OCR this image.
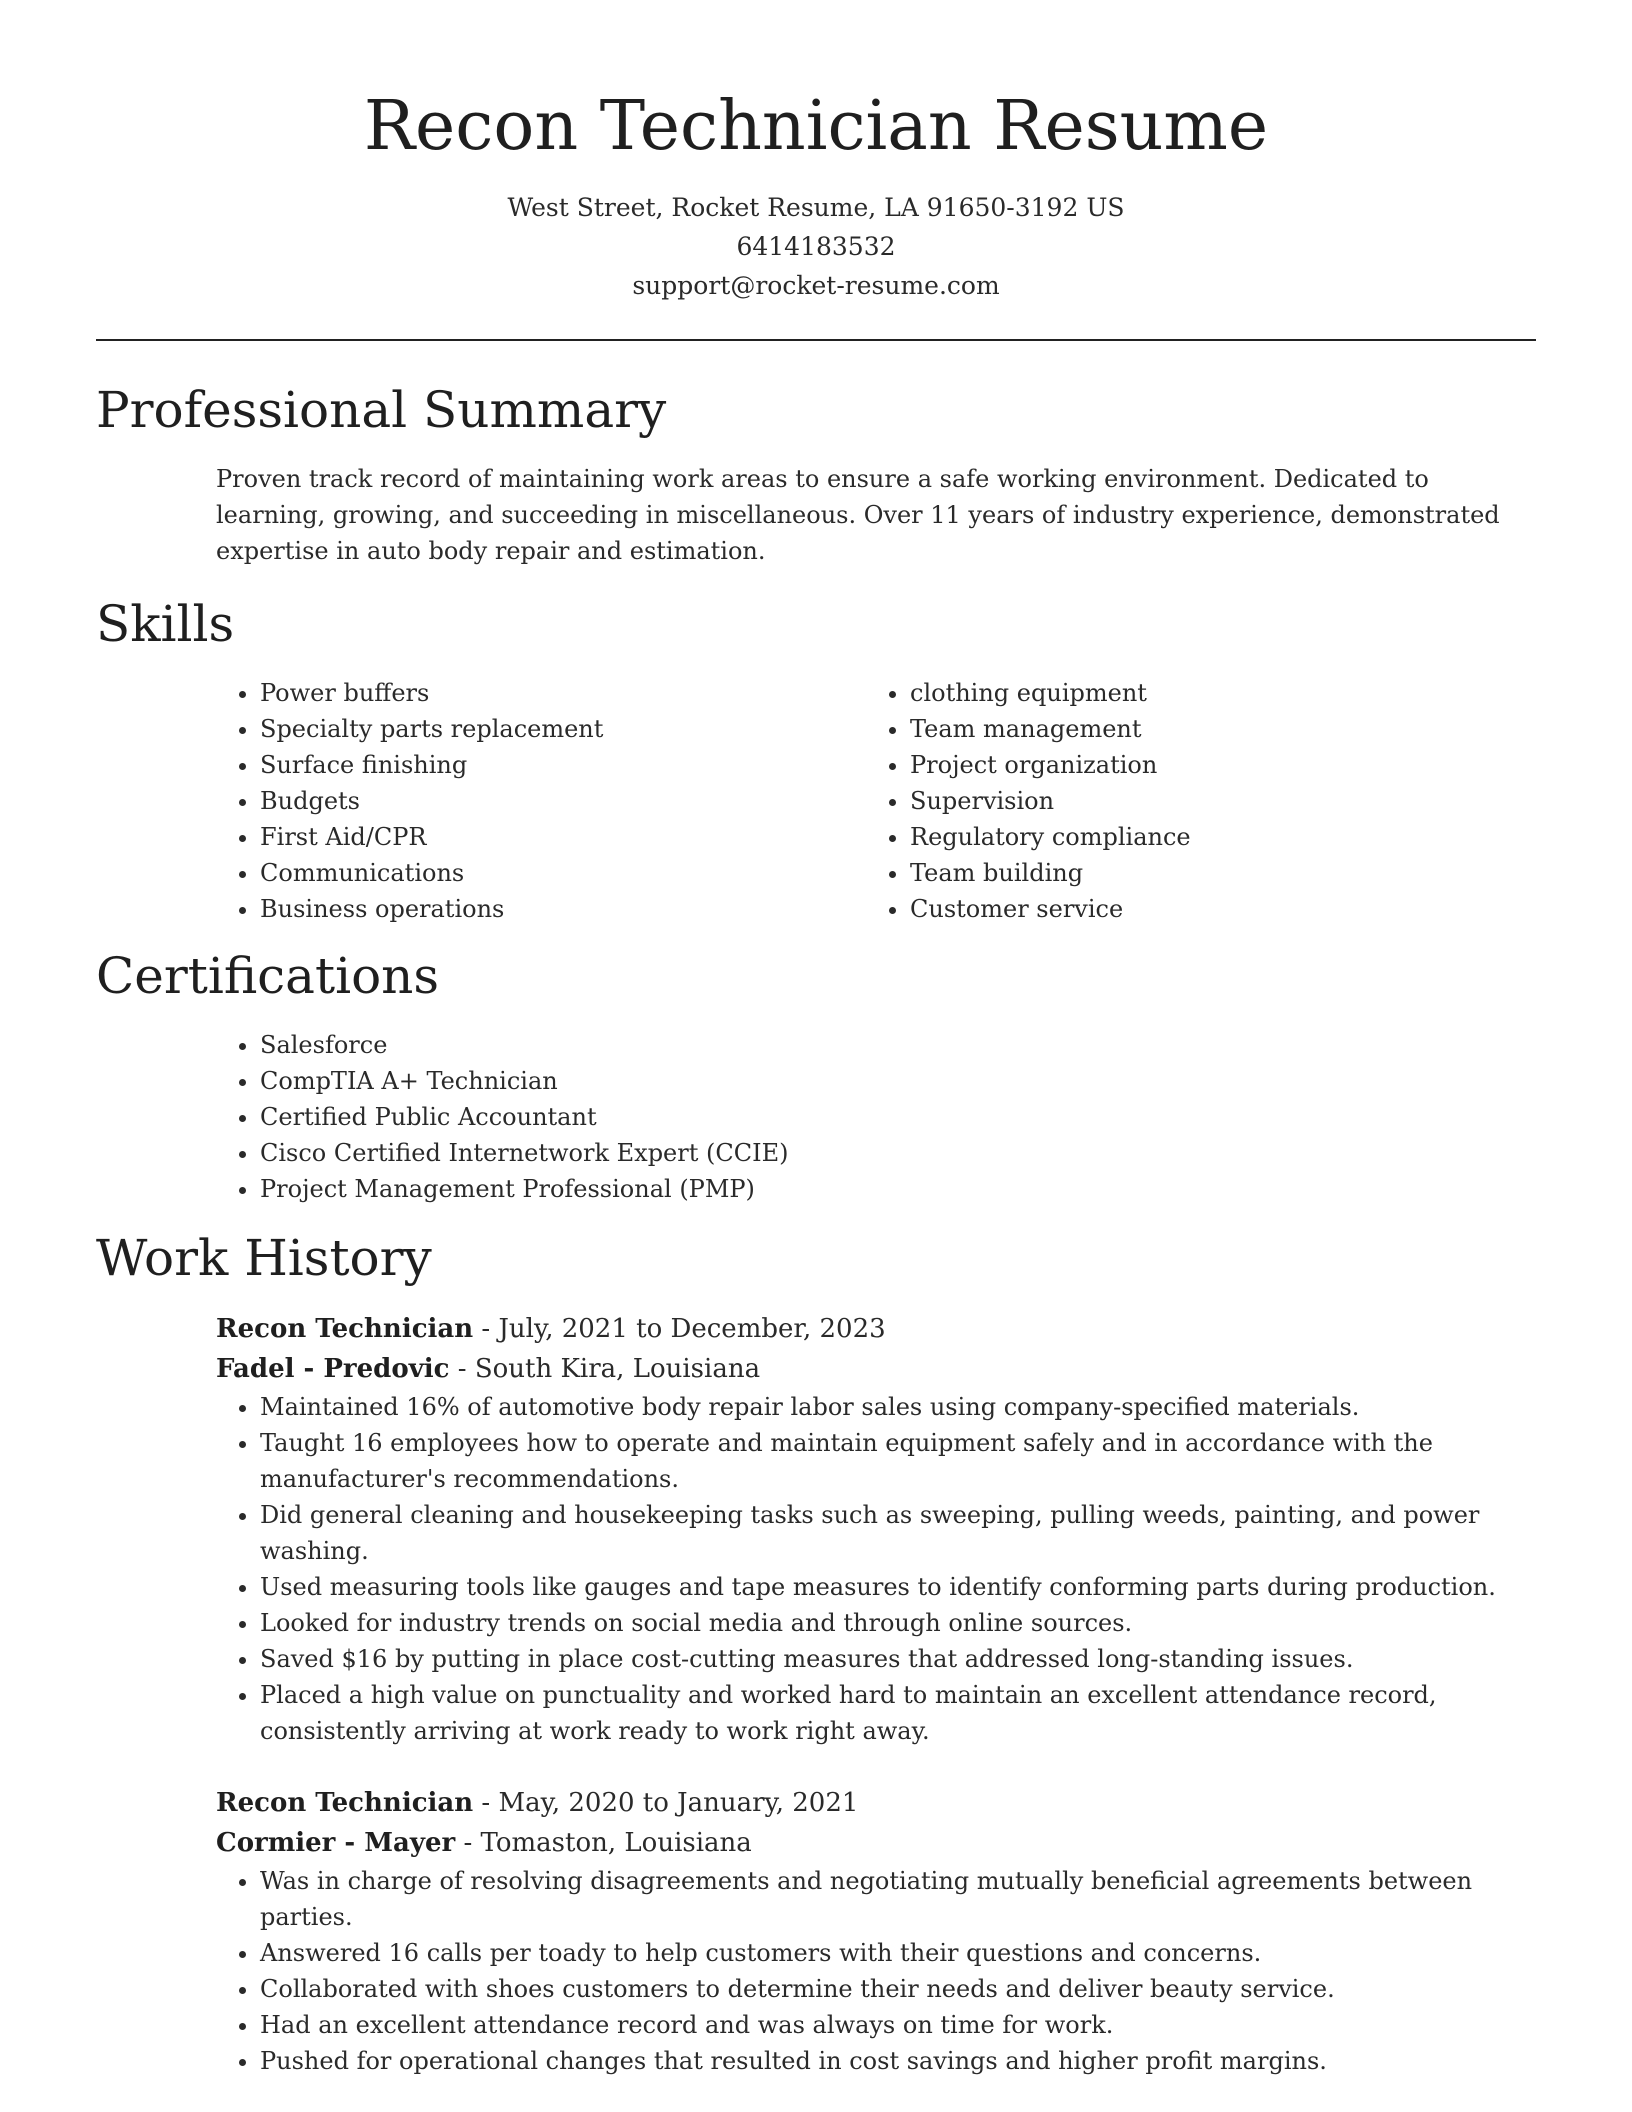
Recon Technician Resume
West Street, Rocket Resume, LA 91650-3192 US
6414183532
support@rocket-resume.com
Professional Summary

Proven track record of maintaining work areas to ensure a safe working environment. Dedicated to learning, growing, and succeeding in miscellaneous. Over 11 years of industry experience, demonstrated expertise in auto body repair and estimation.

Skills
• Power buffers
• Specialty parts replacement
• Surface finishing
• Budgets
• First Aid/CPR
• Communications
• Business operations
• clothing equipment
• Team management
• Project organization
• Supervision
• Regulatory compliance
• Team building
• Customer service
Certifications
• Salesforce
• CompTIA A+ Technician
• Certified Public Accountant
• Cisco Certified Internetwork Expert (CCIE)
• Project Management Professional (PMP)
Work History
Recon Technician - July, 2021 to December, 2023
Fadel - Predovic - South Kira, Louisiana
• Maintained 16% of automotive body repair labor sales using company-specified materials.
• Taught 16 employees how to operate and maintain equipment safely and in accordance with the manufacturer's recommendations.
• Did general cleaning and housekeeping tasks such as sweeping, pulling weeds, painting, and power washing.
• Used measuring tools like gauges and tape measures to identify conforming parts during production.
• Looked for industry trends on social media and through online sources.
• Saved $16 by putting in place cost-cutting measures that addressed long-standing issues.
• Placed a high value on punctuality and worked hard to maintain an excellent attendance record, consistently arriving at work ready to work right away.
Recon Technician - May, 2020 to January, 2021
Cormier - Mayer - Tomaston, Louisiana
• Was in charge of resolving disagreements and negotiating mutually beneficial agreements between parties.
• Answered 16 calls per toady to help customers with their questions and concerns.
• Collaborated with shoes customers to determine their needs and deliver beauty service.
• Had an excellent attendance record and was always on time for work.
• Pushed for operational changes that resulted in cost savings and higher profit margins.
